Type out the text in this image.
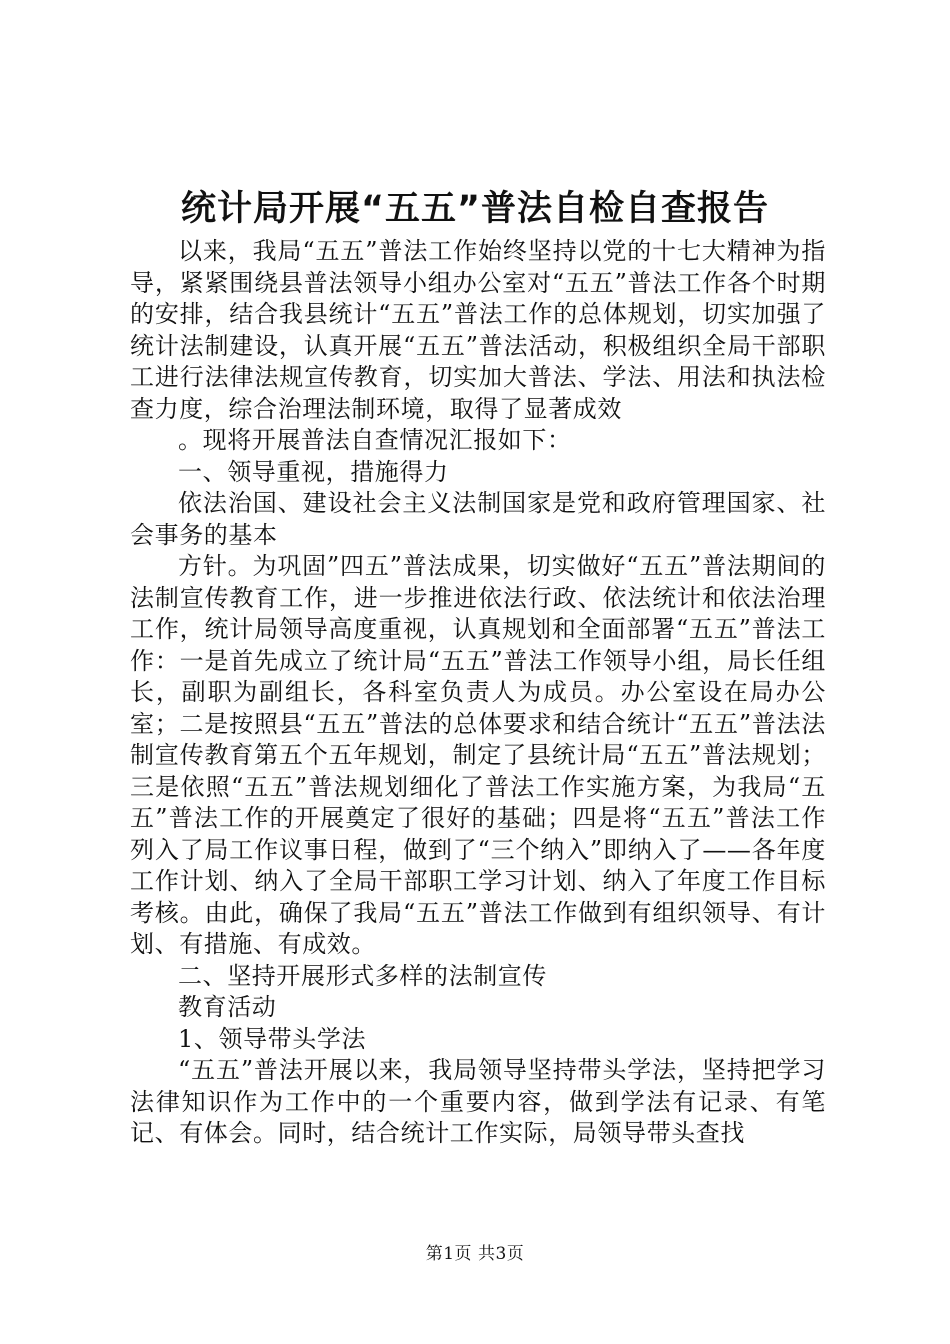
统计局开展“五五”普法自检自查报告

以来，我局“五五”普法工作始终坚持以党的十七大精神为指导，紧紧围绕县普法领导小组办公室对“五五”普法工作各个时期的安排，结合我县统计“五五”普法工作的总体规划，切实加强了统计法制建设，认真开展“五五”普法活动，积极组织全局干部职工进行法律法规宣传教育，切实加大普法、学法、用法和执法检查力度，综合治理法制环境，取得了显著成效

。现将开展普法自查情况汇报如下：

一、领导重视，措施得力

依法治国、建设社会主义法制国家是党和政府管理国家、社会事务的基本

方针。为巩固”四五”普法成果，切实做好“五五”普法期间的法制宣传教育工作，进一步推进依法行政、依法统计和依法治理工作，统计局领导高度重视，认真规划和全面部署“五五”普法工作：一是首先成立了统计局“五五”普法工作领导小组，局长任组长，副职为副组长，各科室负责人为成员。办公室设在局办公室；二是按照县“五五”普法的总体要求和结合统计“五五”普法法制宣传教育第五个五年规划，制定了县统计局“五五”普法规划；三是依照“五五”普法规划细化了普法工作实施方案，为我局“五五”普法工作的开展奠定了很好的基础；四是将“五五”普法工作列入了局工作议事日程，做到了“三个纳入”即纳入了——各年度工作计划、纳入了全局干部职工学习计划、纳入了年度工作目标考核。由此，确保了我局“五五”普法工作做到有组织领导、有计划、有措施、有成效。

二、坚持开展形式多样的法制宣传

教育活动

1、领导带头学法

“五五”普法开展以来，我局领导坚持带头学法，坚持把学习法律知识作为工作中的一个重要内容，做到学法有记录、有笔记、有体会。同时，结合统计工作实际，局领导带头查找

第1页 共3页
